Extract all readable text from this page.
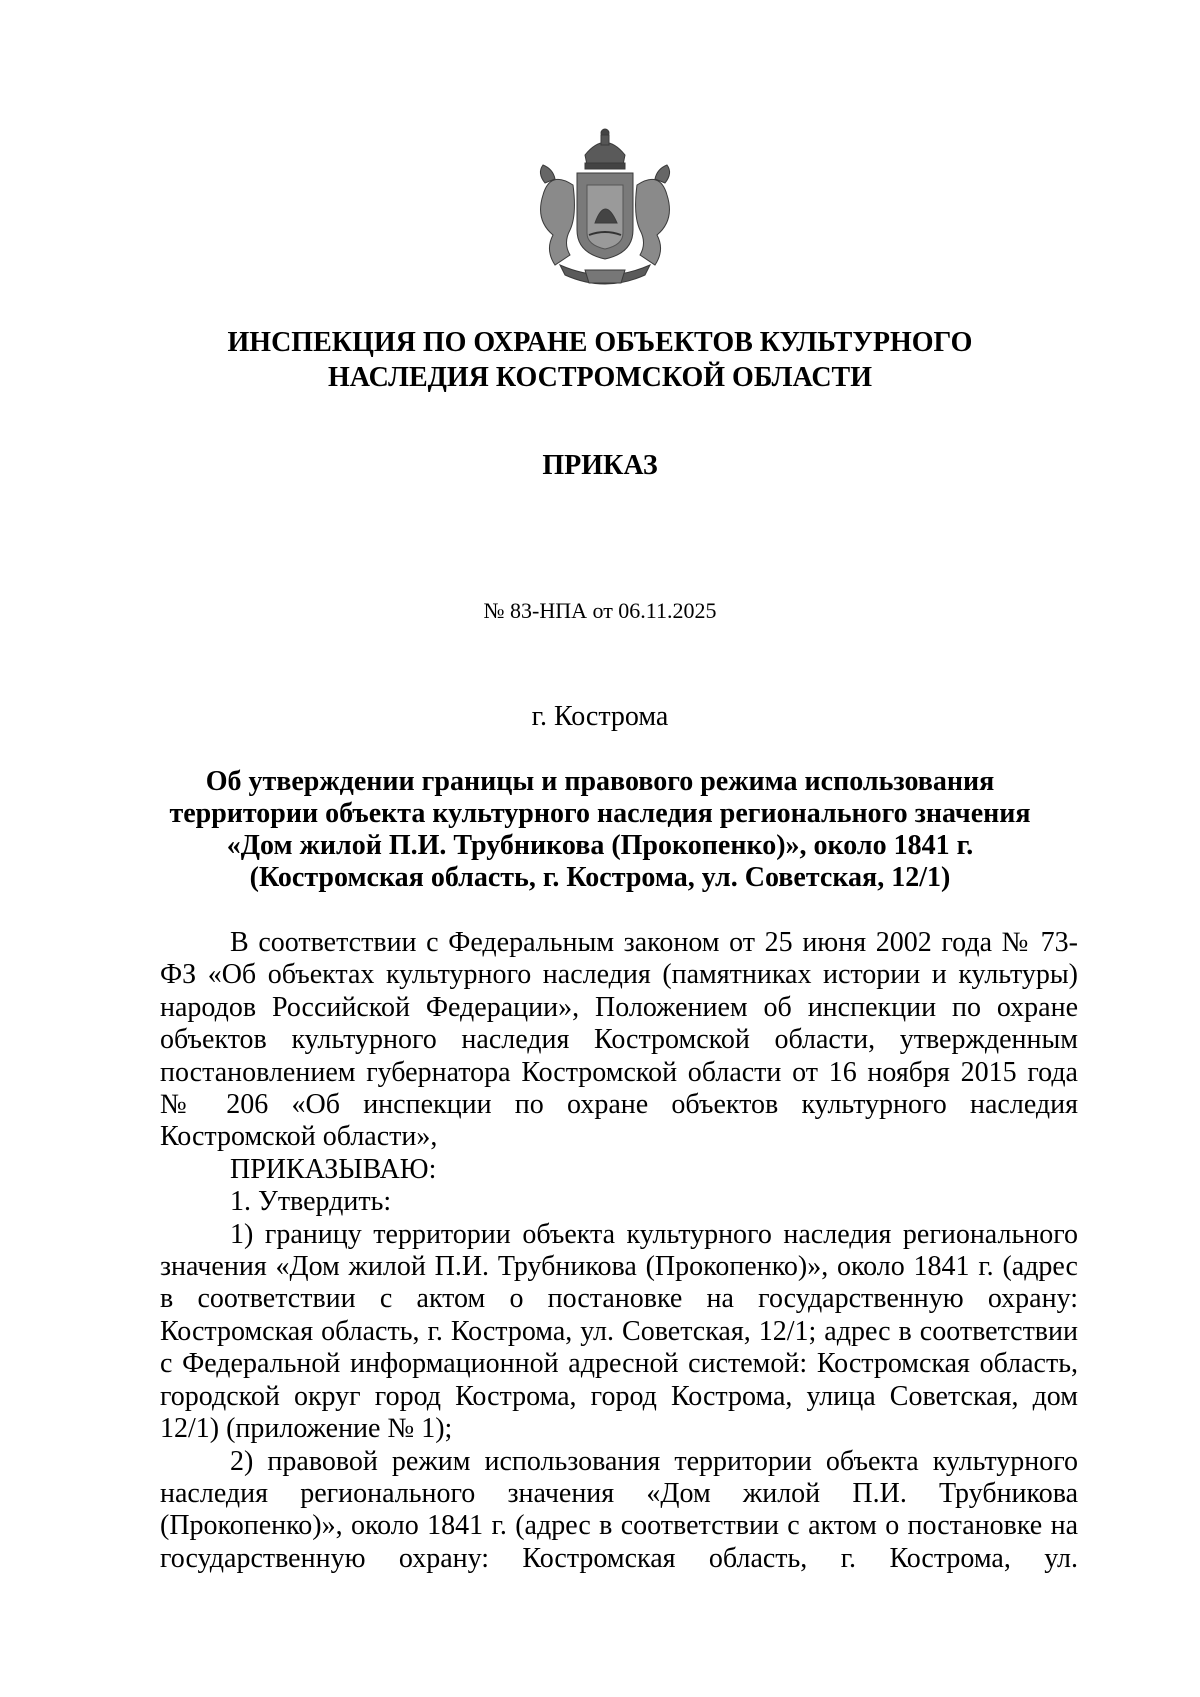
ИНСПЕКЦИЯ ПО ОХРАНЕ ОБЪЕКТОВ КУЛЬТУРНОГО
НАСЛЕДИЯ КОСТРОМСКОЙ ОБЛАСТИ
ПРИКАЗ
№ 83-НПА от 06.11.2025
г. Кострома
Об утверждении границы и правового режима использования
территории объекта культурного наследия регионального значения
«Дом жилой П.И. Трубникова (Прокопенко)», около 1841 г.
(Костромская область, г. Кострома, ул. Советская, 12/1)

В соответствии с Федеральным законом от 25 июня 2002 года № 73-ФЗ «Об объектах культурного наследия (памятниках истории и культуры) народов Российской Федерации», Положением об инспекции по охране объектов культурного наследия Костромской области, утвержденным постановлением губернатора Костромской области от 16 ноября 2015 года № 206 «Об инспекции по охране объектов культурного наследия Костромской области»,

ПРИКАЗЫВАЮ:

1. Утвердить:

1) границу территории объекта культурного наследия регионального значения «Дом жилой П.И. Трубникова (Прокопенко)», около 1841 г. (адрес в соответствии с актом о постановке на государственную охрану: Костромская область, г. Кострома, ул. Советская, 12/1; адрес в соответствии с Федеральной информационной адресной системой: Костромская область, городской округ город Кострома, город Кострома, улица Советская, дом 12/1) (приложение № 1);

2) правовой режим использования территории объекта культурного наследия регионального значения «Дом жилой П.И. Трубникова (Прокопенко)», около 1841 г. (адрес в соответствии с актом о постановке на государственную охрану: Костромская область, г. Кострома, ул.
